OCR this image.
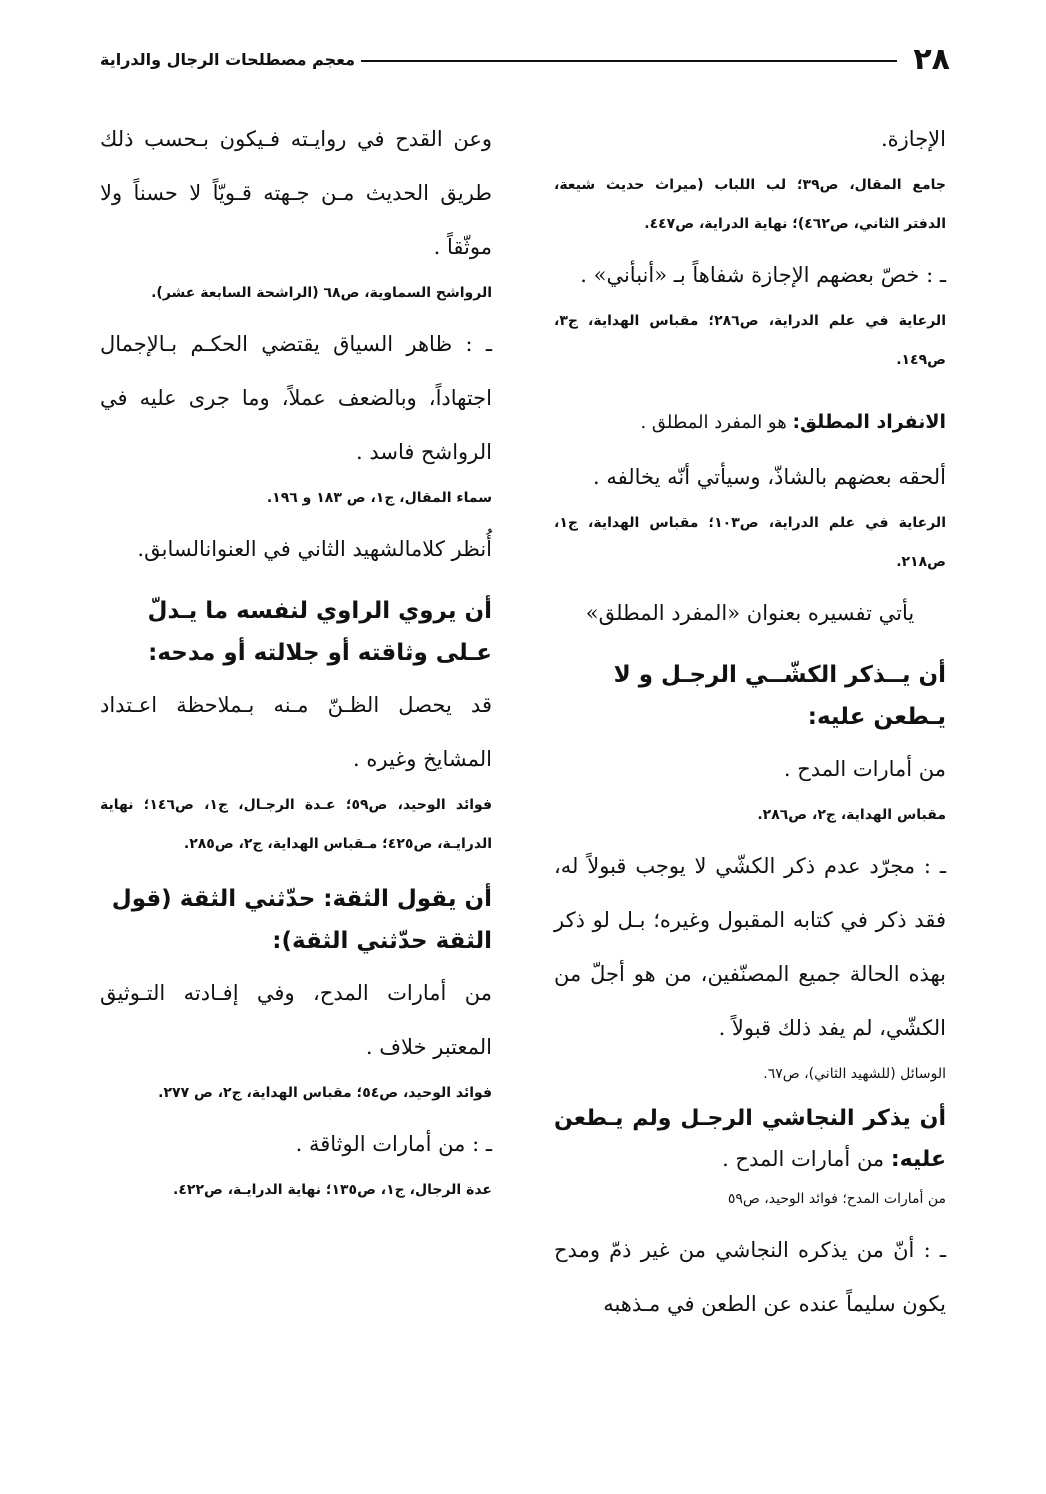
٢٨
معجم مصطلحات الرجال والدراية

الإجازة.

جامع المقال، ص٣٩؛ لب اللباب (ميراث حديث شيعة، الدفتر الثاني، ص٤٦٢)؛ نهاية الدراية، ص٤٤٧.

ـ : خصّ بعضهم الإجازة شفاهاً بـ «أنبأني» .

الرعاية في علم الدراية، ص٢٨٦؛ مقباس الهداية، ج٣، ص١٤٩.

الانفراد المطلق: هو المفرد المطلق .

ألحقه بعضهم بالشاذّ، وسيأتي أنّه يخالفه .

الرعاية في علم الدراية، ص١٠٣؛ مقباس الهداية، ج١، ص٢١٨.

يأتي تفسيره بعنوان «المفرد المطلق»

أن يــذكر الكشّــي الرجـل و لا يـطعن عليه:

من أمارات المدح .

مقباس الهداية، ج٢، ص٢٨٦.

ـ : مجرّد عدم ذكر الكشّي لا يوجب قبولاً له، فقد ذكر في كتابه المقبول وغيره؛ بـل لو ذكر بهذه الحالة جميع المصنّفين، من هو أجلّ من الكشّي، لم يفد ذلك قبولاً .

الوسائل (للشهيد الثاني)، ص٦٧.

أن يذكر النجاشي الرجـل ولم يـطعن عليه: من أمارات المدح .

من أمارات المدح؛ فوائد الوحيد، ص٥٩

ـ : أنّ من يذكره النجاشي من غير ذمّ ومدح يكون سليماً عنده عن الطعن في مـذهبه

وعن القدح في روايـته فـيكون بـحسب ذلك طريق الحديث مـن جـهته قـويّاً لا حسناً ولا موثّقاً .

الرواشح السماوية، ص٦٨ (الراشحة السابعة عشر).

ـ : ظاهر السياق يقتضي الحكـم بـالإجمال اجتهاداً، وبالضعف عملاً، وما جرى عليه في الرواشح فاسد .

سماء المقال، ج١، ص ١٨٣ و ١٩٦.

أُنظر كلامالشهيد الثاني في العنوانالسابق.

أن يروي الراوي لنفسه ما يـدلّ عـلى وثاقته أو جلالته أو مدحه:

قد يحصل الظـنّ مـنه بـملاحظة اعـتداد المشايخ وغيره .

فوائد الوحيد، ص٥٩؛ عـدة الرجـال، ج١، ص١٤٦؛ نهاية الدرايـة، ص٤٢٥؛ مـقباس الهداية، ج٢، ص٢٨٥.

أن يقول الثقة: حدّثني الثقة (قول الثقة حدّثني الثقة):

من أمارات المدح، وفي إفـادته التـوثيق المعتبر خلاف .

فوائد الوحيد، ص٥٤؛ مقباس الهداية، ج٢، ص ٢٧٧.

ـ : من أمارات الوثاقة .

عدة الرجال، ج١، ص١٣٥؛ نهاية الدرايـة، ص٤٢٢.
